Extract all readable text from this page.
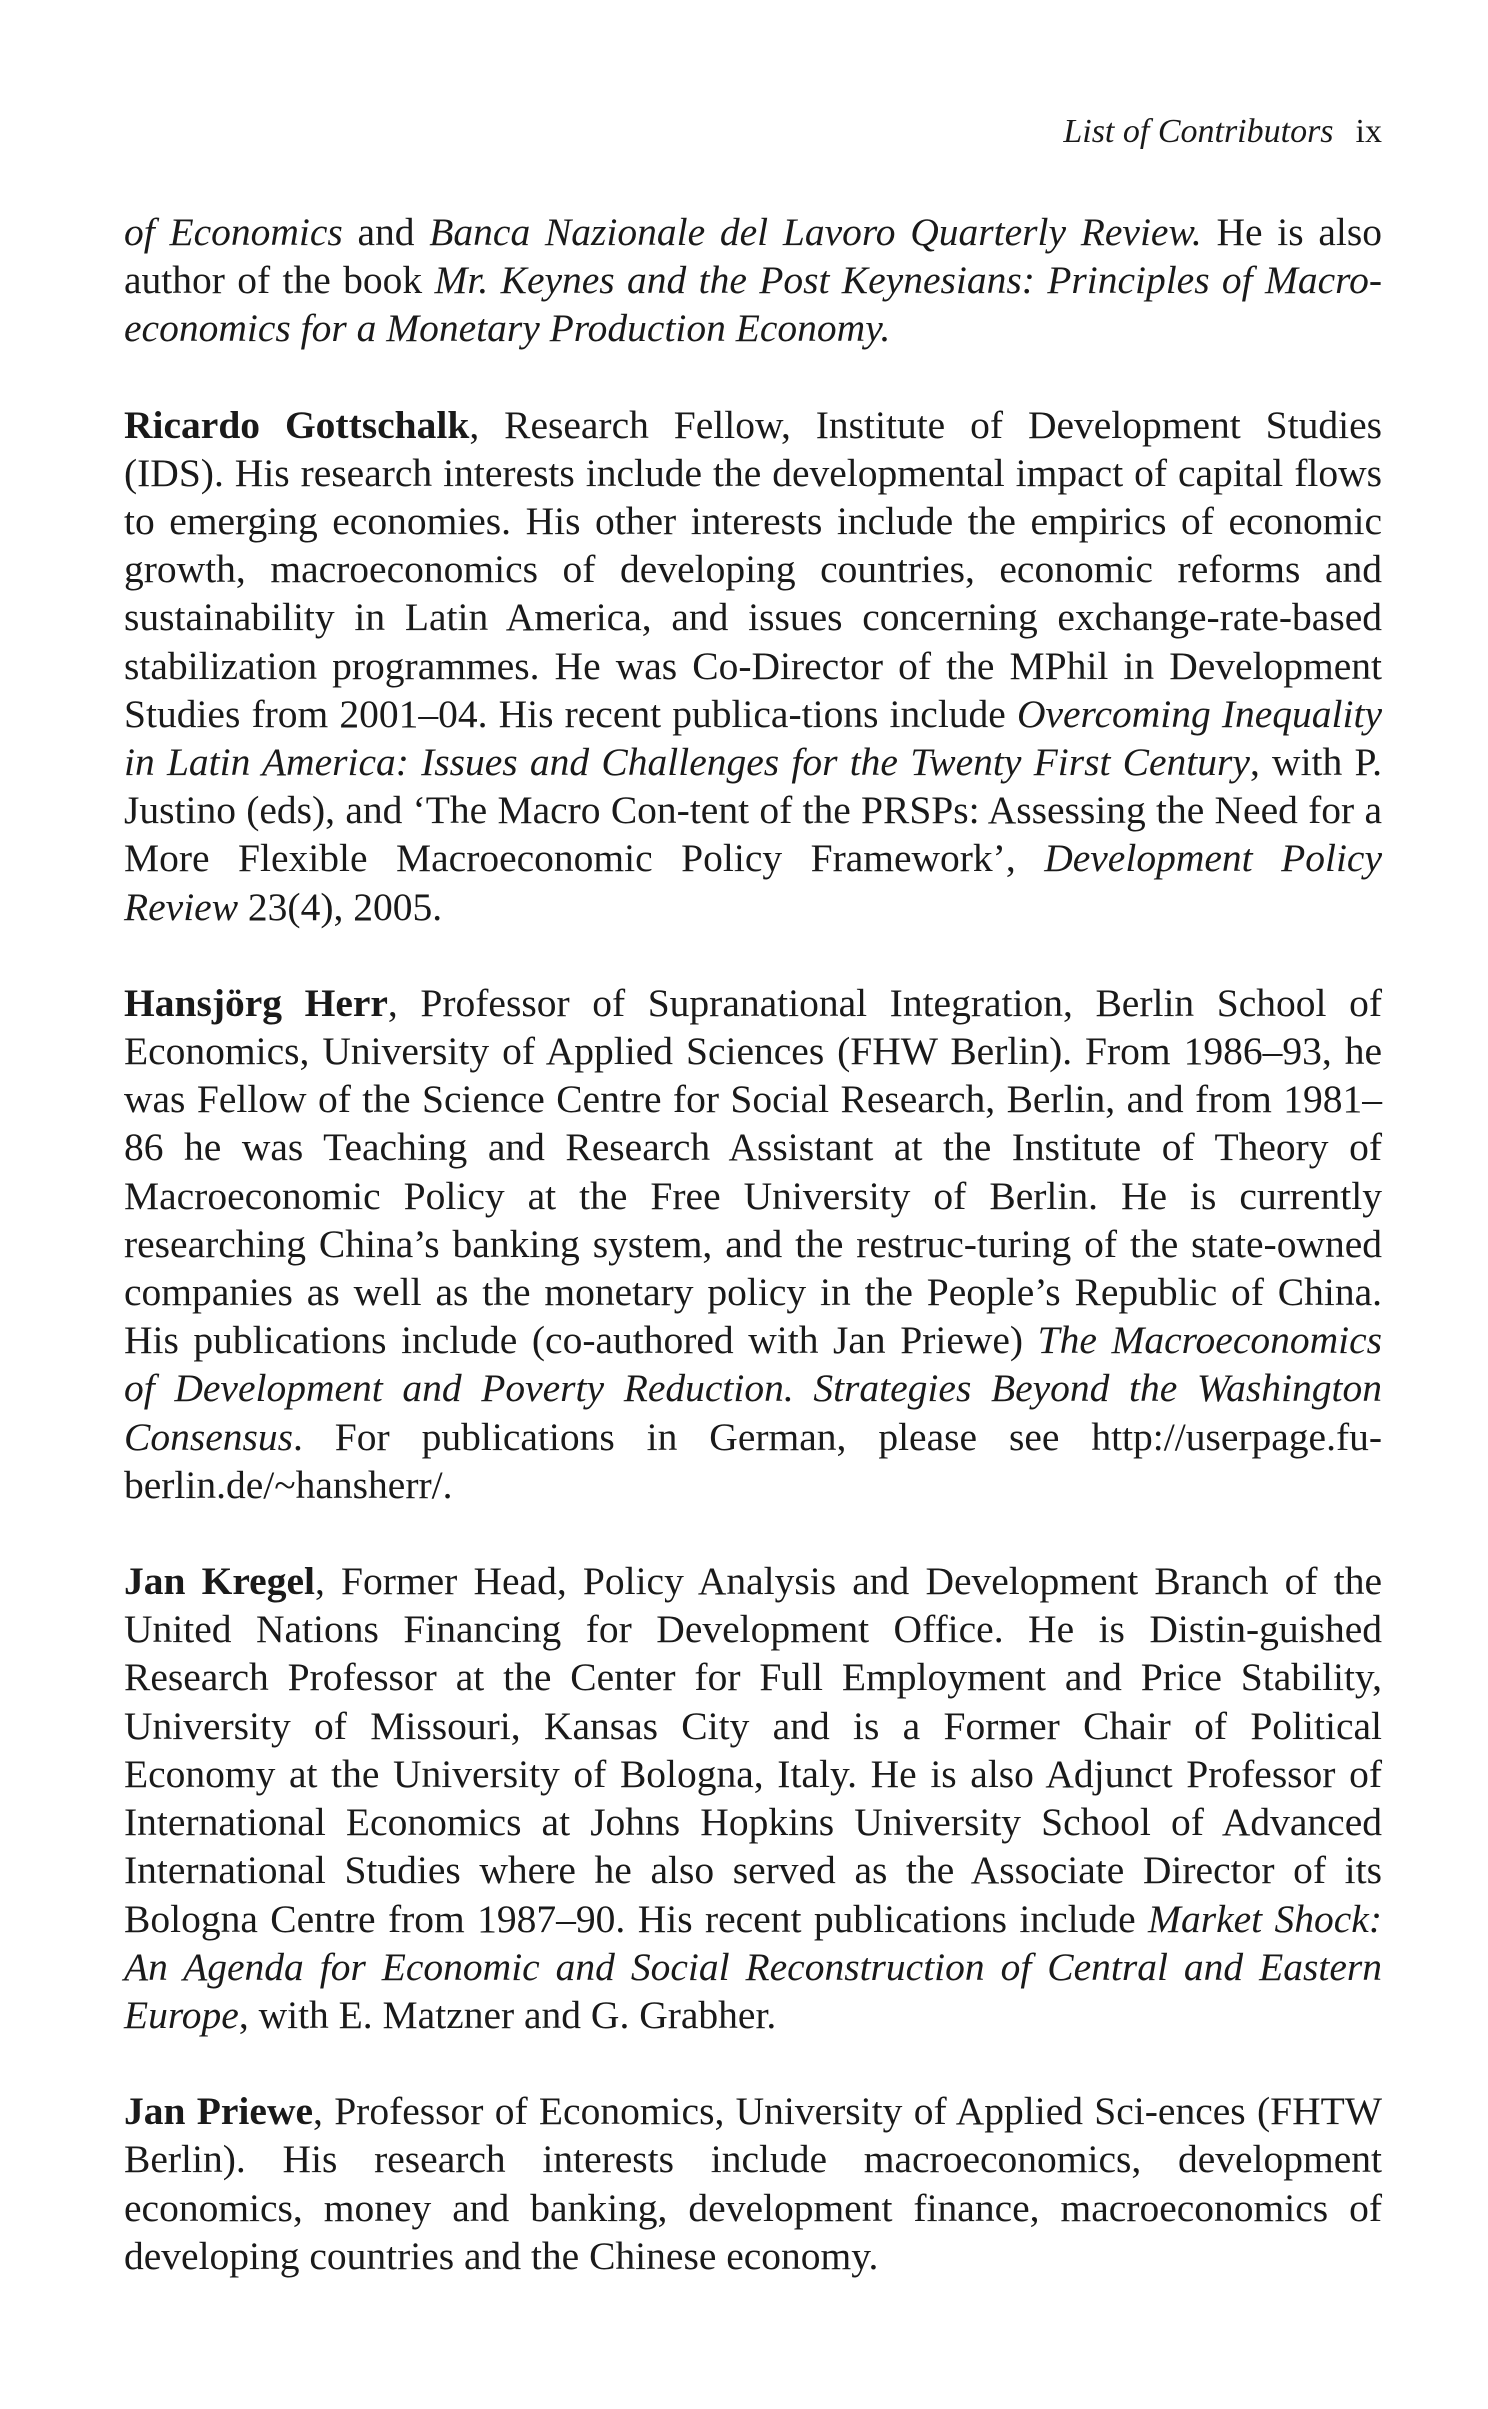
List of Contributors ix

of Economics and Banca Nazionale del Lavoro Quarterly Review. He is also author of the book Mr. Keynes and the Post Keynesians: Principles of Macro-economics for a Monetary Production Economy.

Ricardo Gottschalk, Research Fellow, Institute of Development Studies (IDS). His research interests include the developmental impact of capital flows to emerging economies. His other interests include the empirics of economic growth, macroeconomics of developing countries, economic reforms and sustainability in Latin America, and issues concerning exchange-rate-based stabilization programmes. He was Co-Director of the MPhil in Development Studies from 2001–04. His recent publica-tions include Overcoming Inequality in Latin America: Issues and Challenges for the Twenty First Century, with P. Justino (eds), and ‘The Macro Con-tent of the PRSPs: Assessing the Need for a More Flexible Macroeconomic Policy Framework’, Development Policy Review 23(4), 2005.

Hansjörg Herr, Professor of Supranational Integration, Berlin School of Economics, University of Applied Sciences (FHW Berlin). From 1986–93, he was Fellow of the Science Centre for Social Research, Berlin, and from 1981–86 he was Teaching and Research Assistant at the Institute of Theory of Macroeconomic Policy at the Free University of Berlin. He is currently researching China’s banking system, and the restruc-turing of the state-owned companies as well as the monetary policy in the People’s Republic of China. His publications include (co-authored with Jan Priewe) The Macroeconomics of Development and Poverty Reduction. Strategies Beyond the Washington Consensus. For publications in German, please see http://userpage.fu-berlin.de/~hansherr/.

Jan Kregel, Former Head, Policy Analysis and Development Branch of the United Nations Financing for Development Office. He is Distin-guished Research Professor at the Center for Full Employment and Price Stability, University of Missouri, Kansas City and is a Former Chair of Political Economy at the University of Bologna, Italy. He is also Adjunct Professor of International Economics at Johns Hopkins University School of Advanced International Studies where he also served as the Associate Director of its Bologna Centre from 1987–90. His recent publications include Market Shock: An Agenda for Economic and Social Reconstruction of Central and Eastern Europe, with E. Matzner and G. Grabher.

Jan Priewe, Professor of Economics, University of Applied Sci-ences (FHTW Berlin). His research interests include macroeconomics, development economics, money and banking, development finance, macroeconomics of developing countries and the Chinese economy.
